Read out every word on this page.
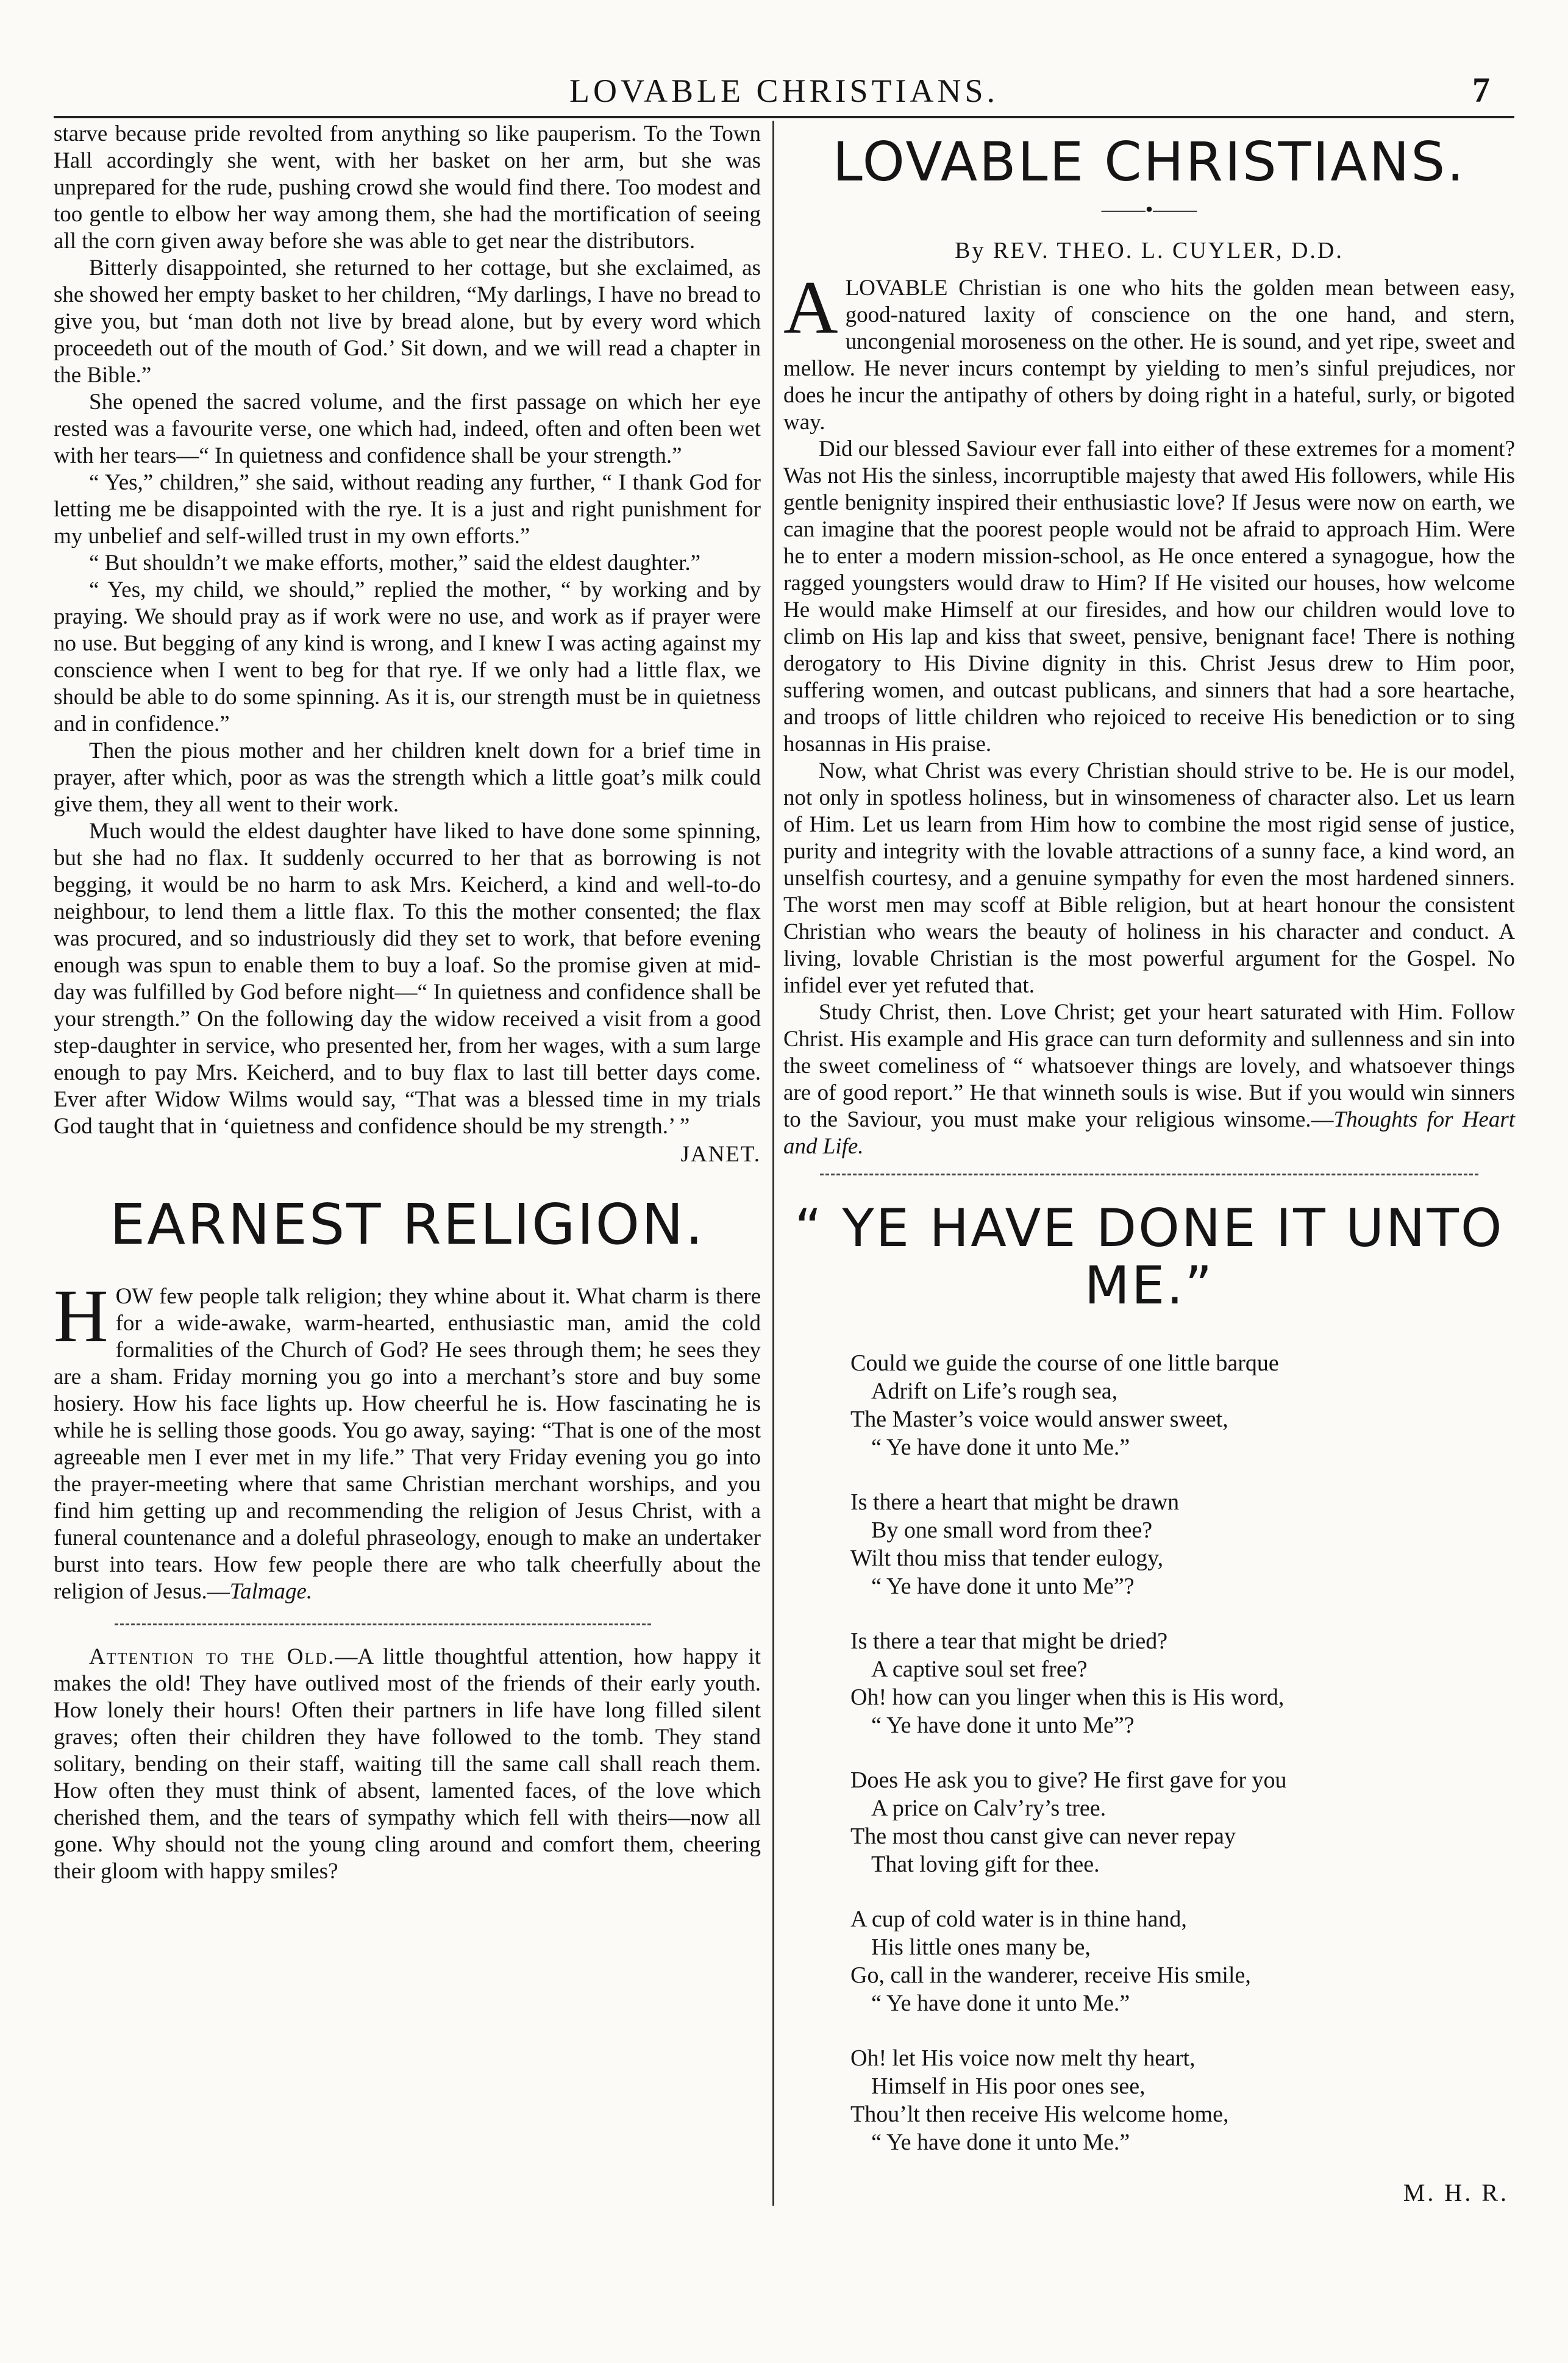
LOVABLE CHRISTIANS.	7

starve because pride revolted from anything so like pauperism. To the Town Hall accordingly she went, with her basket on her arm, but she was unprepared for the rude, pushing crowd she would find there. Too modest and too gentle to elbow her way among them, she had the mortification of seeing all the corn given away before she was able to get near the distributors.

Bitterly disappointed, she returned to her cottage, but she exclaimed, as she showed her empty basket to her children, “My darlings, I have no bread to give you, but ‘man doth not live by bread alone, but by every word which proceedeth out of the mouth of God.’ Sit down, and we will read a chapter in the Bible.”

She opened the sacred volume, and the first passage on which her eye rested was a favourite verse, one which had, indeed, often and often been wet with her tears—“ In quietness and confidence shall be your strength.”

“ Yes,” children,” she said, without reading any further, “ I thank God for letting me be disappointed with the rye. It is a just and right punishment for my unbelief and self-willed trust in my own efforts.”

“ But shouldn’t we make efforts, mother,” said the eldest daughter.”

“ Yes, my child, we should,” replied the mother, “ by working and by praying. We should pray as if work were no use, and work as if prayer were no use. But begging of any kind is wrong, and I knew I was acting against my conscience when I went to beg for that rye. If we only had a little flax, we should be able to do some spinning. As it is, our strength must be in quietness and in confidence.”

Then the pious mother and her children knelt down for a brief time in prayer, after which, poor as was the strength which a little goat’s milk could give them, they all went to their work.

Much would the eldest daughter have liked to have done some spinning, but she had no flax. It suddenly occurred to her that as borrowing is not begging, it would be no harm to ask Mrs. Keicherd, a kind and well-to-do neighbour, to lend them a little flax. To this the mother consented; the flax was procured, and so industriously did they set to work, that before evening enough was spun to enable them to buy a loaf. So the promise given at mid-day was fulfilled by God before night—“ In quietness and confidence shall be your strength.” On the following day the widow received a visit from a good step-daughter in service, who presented her, from her wages, with a sum large enough to pay Mrs. Keicherd, and to buy flax to last till better days come. Ever after Widow Wilms would say, “That was a blessed time in my trials God taught that in ‘quietness and confidence should be my strength.’ ”

JANET.
EARNEST RELIGION.

HOW few people talk religion; they whine about it. What charm is there for a wide-awake, warm-hearted, enthusiastic man, amid the cold formalities of the Church of God? He sees through them; he sees they are a sham. Friday morning you go into a merchant’s store and buy some hosiery. How his face lights up. How cheerful he is. How fascinating he is while he is selling those goods. You go away, saying: “That is one of the most agreeable men I ever met in my life.” That very Friday evening you go into the prayer-meeting where that same Christian merchant worships, and you find him getting up and recommending the religion of Jesus Christ, with a funeral countenance and a doleful phraseology, enough to make an undertaker burst into tears. How few people there are who talk cheerfully about the religion of Jesus.—Talmage.

Attention to the Old.—A little thoughtful attention, how happy it makes the old! They have outlived most of the friends of their early youth. How lonely their hours! Often their partners in life have long filled silent graves; often their children they have followed to the tomb. They stand solitary, bending on their staff, waiting till the same call shall reach them. How often they must think of absent, lamented faces, of the love which cherished them, and the tears of sympathy which fell with theirs—now all gone. Why should not the young cling around and comfort them, cheering their gloom with happy smiles?

LOVABLE CHRISTIANS.
——•——
By REV. THEO. L. CUYLER, D.D.

ALOVABLE Christian is one who hits the golden mean between easy, good-natured laxity of conscience on the one hand, and stern, uncongenial moroseness on the other. He is sound, and yet ripe, sweet and mellow. He never incurs contempt by yielding to men’s sinful prejudices, nor does he incur the antipathy of others by doing right in a hateful, surly, or bigoted way.

Did our blessed Saviour ever fall into either of these extremes for a moment? Was not His the sinless, incorruptible majesty that awed His followers, while His gentle benignity inspired their enthusiastic love? If Jesus were now on earth, we can imagine that the poorest people would not be afraid to approach Him. Were he to enter a modern mission-school, as He once entered a synagogue, how the ragged youngsters would draw to Him? If He visited our houses, how welcome He would make Himself at our firesides, and how our children would love to climb on His lap and kiss that sweet, pensive, benignant face! There is nothing derogatory to His Divine dignity in this. Christ Jesus drew to Him poor, suffering women, and outcast publicans, and sinners that had a sore heartache, and troops of little children who rejoiced to receive His benediction or to sing hosannas in His praise.

Now, what Christ was every Christian should strive to be. He is our model, not only in spotless holiness, but in winsomeness of character also. Let us learn of Him. Let us learn from Him how to combine the most rigid sense of justice, purity and integrity with the lovable attractions of a sunny face, a kind word, an unselfish courtesy, and a genuine sympathy for even the most hardened sinners. The worst men may scoff at Bible religion, but at heart honour the consistent Christian who wears the beauty of holiness in his character and conduct. A living, lovable Christian is the most powerful argument for the Gospel. No infidel ever yet refuted that.

Study Christ, then. Love Christ; get your heart saturated with Him. Follow Christ. His example and His grace can turn deformity and sullenness and sin into the sweet comeliness of “ whatsoever things are lovely, and whatsoever things are of good report.” He that winneth souls is wise. But if you would win sinners to the Saviour, you must make your religious winsome.—Thoughts for Heart and Life.

“ YE HAVE DONE IT UNTO ME.”
Could we guide the course of one little barque
Adrift on Life’s rough sea,
The Master’s voice would answer sweet,
“ Ye have done it unto Me.”
Is there a heart that might be drawn
By one small word from thee?
Wilt thou miss that tender eulogy,
“ Ye have done it unto Me”?
Is there a tear that might be dried?
A captive soul set free?
Oh! how can you linger when this is His word,
“ Ye have done it unto Me”?
Does He ask you to give? He first gave for you
A price on Calv’ry’s tree.
The most thou canst give can never repay
That loving gift for thee.
A cup of cold water is in thine hand,
His little ones many be,
Go, call in the wanderer, receive His smile,
“ Ye have done it unto Me.”
Oh! let His voice now melt thy heart,
Himself in His poor ones see,
Thou’lt then receive His welcome home,
“ Ye have done it unto Me.”
M. H. R.
